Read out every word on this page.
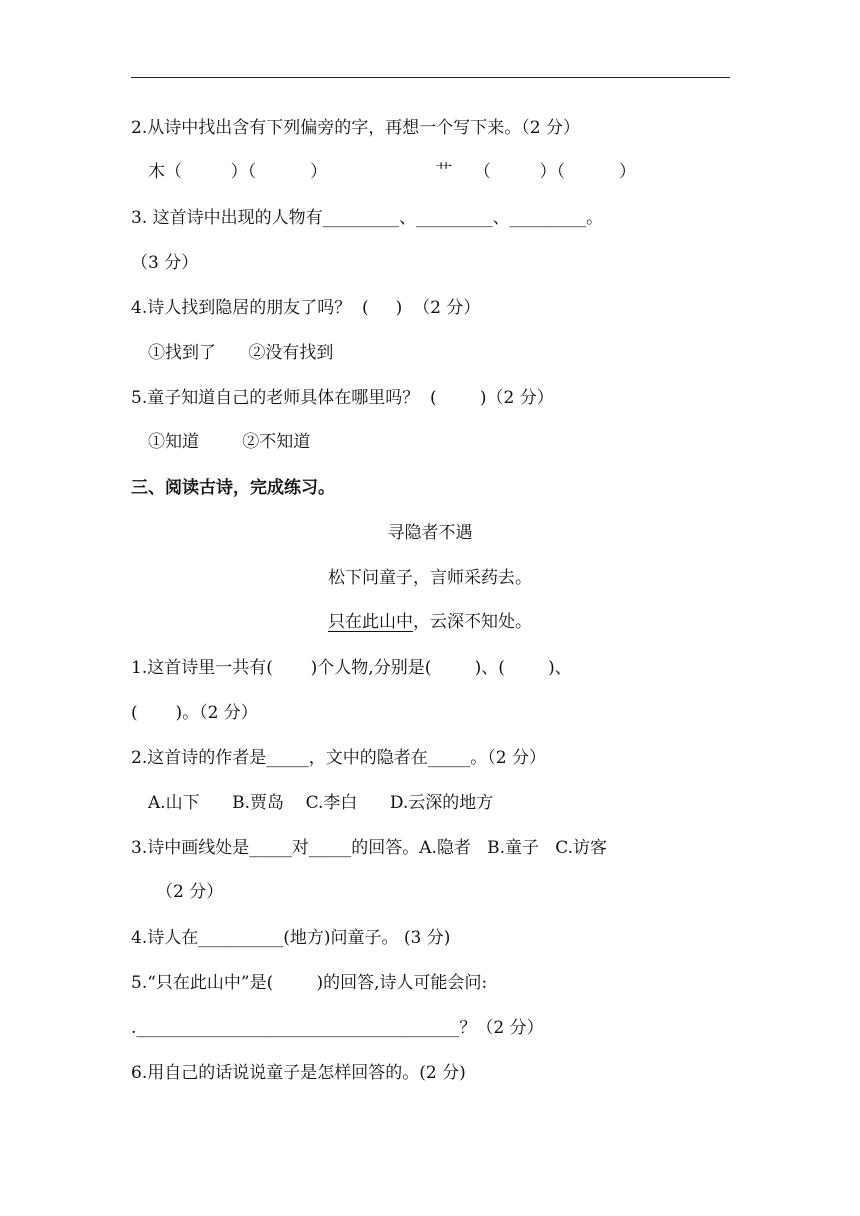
2.从诗中找出含有下列偏旁的字，再想一个写下来。（2 分）
木（         ）（          ）                    艹    （         ）（          ）
3. 这首诗中出现的人物有_________、_________、_________。
（3 分）
4.诗人找到隐居的朋友了吗？  (     )  （2 分）
①找到了      ②没有找到
5.童子知道自己的老师具体在哪里吗？  (        )（2 分）
①知道        ②不知道
三、阅读古诗，完成练习。
寻隐者不遇
松下问童子，言师采药去。
只在此山中，云深不知处。
1.这首诗里一共有(       )个人物,分别是(        )、(        )、
(       )。（2 分）
2.这首诗的作者是_____，文中的隐者在_____。（2 分）
A.山下      B.贾岛    C.李白      D.云深的地方
3.诗中画线处是_____对_____的回答。A.隐者   B.童子   C.访客
（2 分）
4.诗人在__________(地方)问童子。 (3 分)
5.“只在此山中”是(        )的回答,诗人可能会问:
.______________________________________？（2 分）
6.用自己的话说说童子是怎样回答的。(2 分)
